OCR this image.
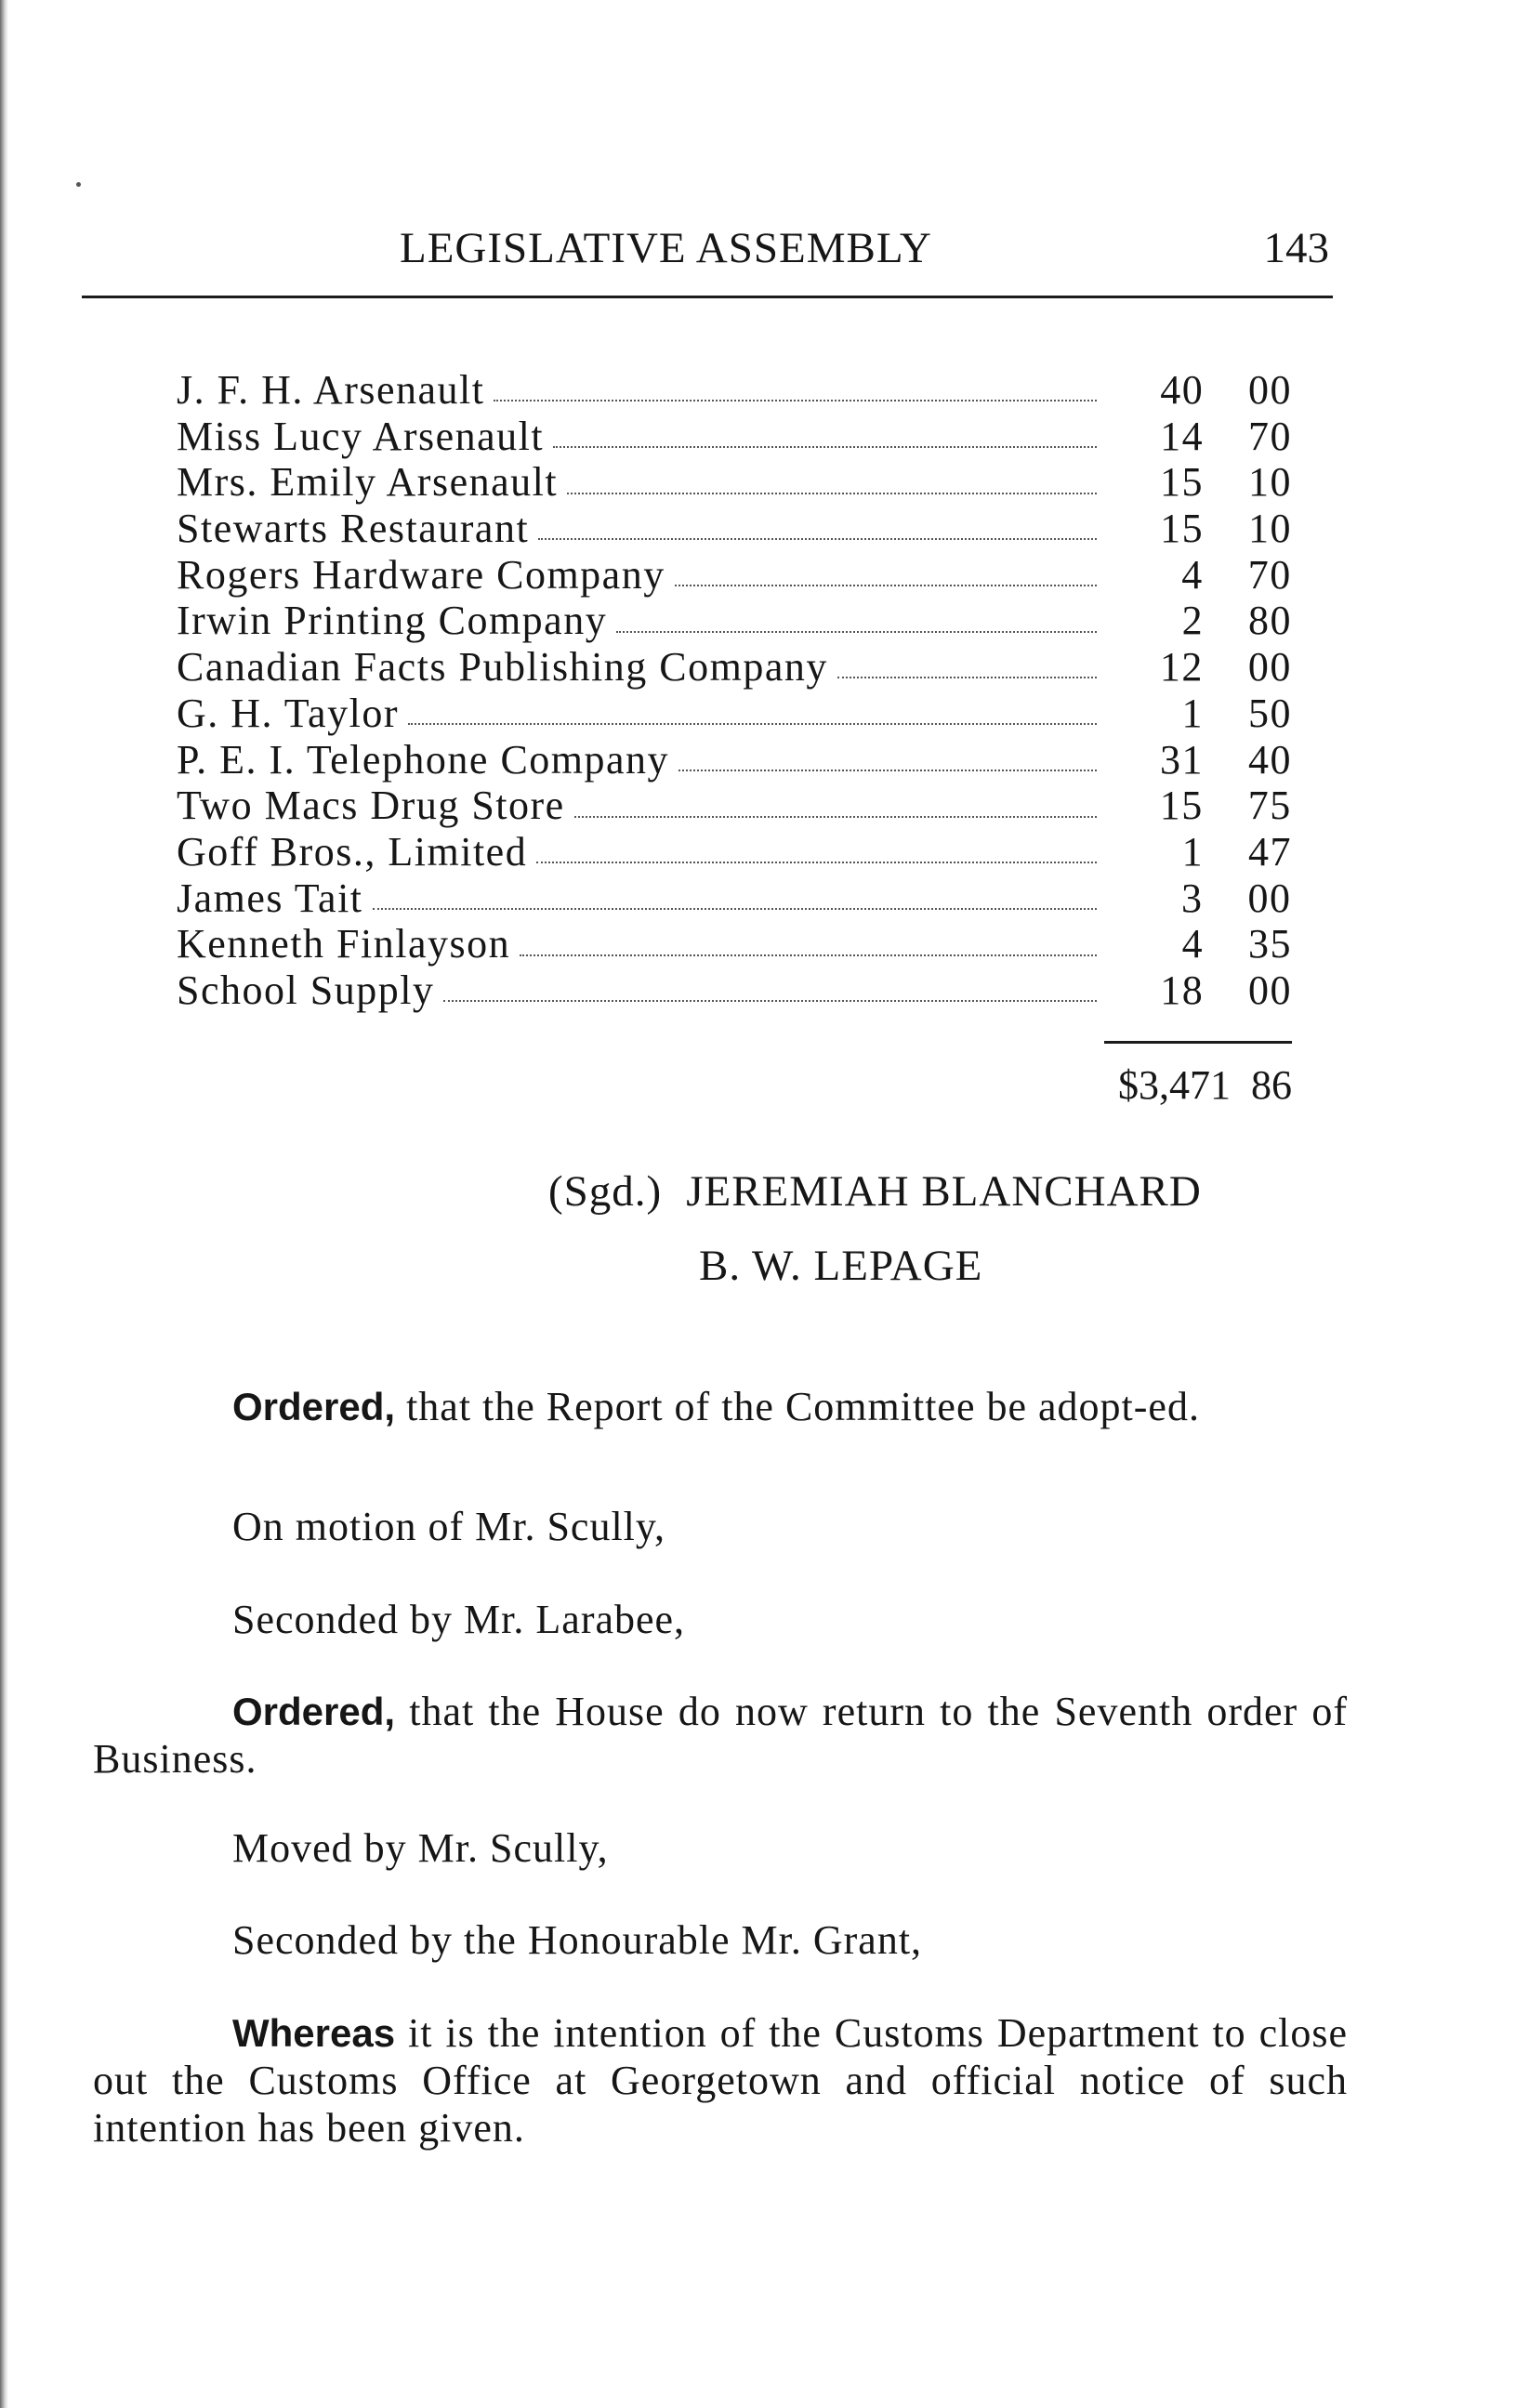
LEGISLATIVE ASSEMBLY	143
J. F. H. Arsenault	40	00
Miss Lucy Arsenault	14	70
Mrs. Emily Arsenault	15	10
Stewarts Restaurant	15	10
Rogers Hardware Company	4	70
Irwin Printing Company	2	80
Canadian Facts Publishing Company	12	00
G. H. Taylor	1	50
P. E. I. Telephone Company	31	40
Two Macs Drug Store	15	75
Goff Bros., Limited	1	47
James Tait	3	00
Kenneth Finlayson	4	35
School Supply	18	00
$3,471 86
(Sgd.) JEREMIAH BLANCHARD
B. W. LEPAGE

Ordered, that the Report of the Committee be adopt-ed.

On motion of Mr. Scully,

Seconded by Mr. Larabee,

Ordered, that the House do now return to the Seventh order of Business.

Moved by Mr. Scully,

Seconded by the Honourable Mr. Grant,

Whereas it is the intention of the Customs Department to close out the Customs Office at Georgetown and official notice of such intention has been given.
